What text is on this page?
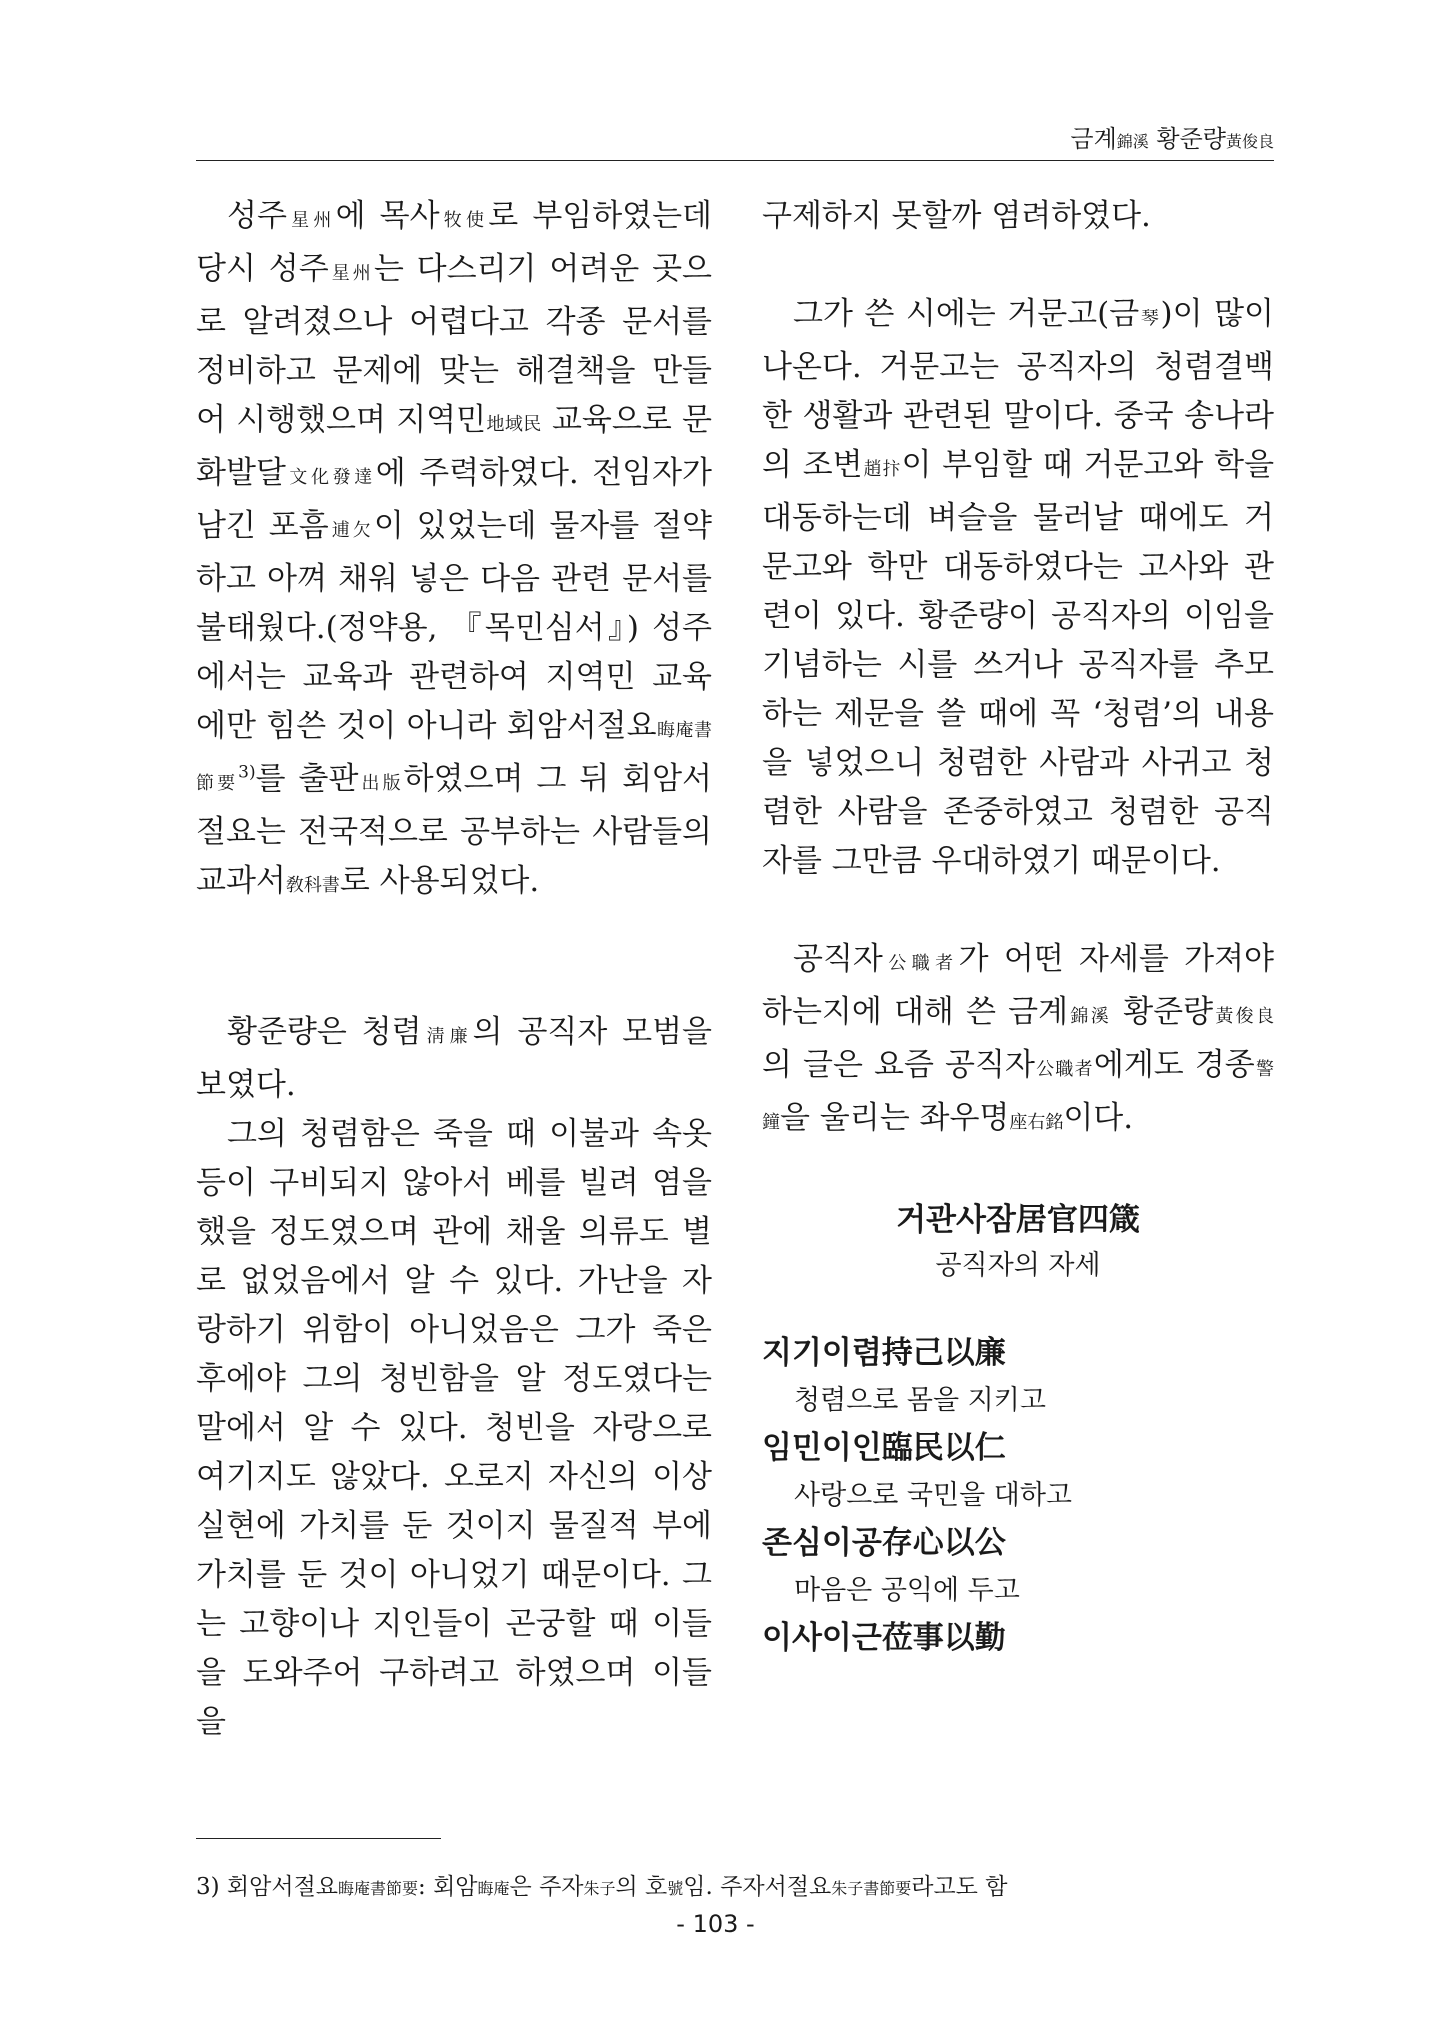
금계錦溪 황준량黃俊良

성주星州에 목사牧使로 부임하였는데 당시 성주星州는 다스리기 어려운 곳으로 알려졌으나 어렵다고 각종 문서를 정비하고 문제에 맞는 해결책을 만들어 시행했으며 지역민地域民 교육으로 문화발달文化發達에 주력하였다. 전임자가 남긴 포흠逋欠이 있었는데 물자를 절약하고 아껴 채워 넣은 다음 관련 문서를 불태웠다.(정약용, 『목민심서』) 성주에서는 교육과 관련하여 지역민 교육에만 힘쓴 것이 아니라 회암서절요晦庵書節要$^{3)}$를 출판出版하였으며 그 뒤 회암서절요는 전국적으로 공부하는 사람들의 교과서敎科書로 사용되었다.

황준량은 청렴淸廉의 공직자 모범을 보였다.

그의 청렴함은 죽을 때 이불과 속옷 등이 구비되지 않아서 베를 빌려 염을 했을 정도였으며 관에 채울 의류도 별로 없었음에서 알 수 있다. 가난을 자랑하기 위함이 아니었음은 그가 죽은 후에야 그의 청빈함을 알 정도였다는 말에서 알 수 있다. 청빈을 자랑으로 여기지도 않았다. 오로지 자신의 이상 실현에 가치를 둔 것이지 물질적 부에 가치를 둔 것이 아니었기 때문이다. 그는 고향이나 지인들이 곤궁할 때 이들을 도와주어 구하려고 하였으며 이들을

구제하지 못할까 염려하였다.

그가 쓴 시에는 거문고(금琴)이 많이 나온다. 거문고는 공직자의 청렴결백한 생활과 관련된 말이다. 중국 송나라의 조변趙抃이 부임할 때 거문고와 학을 대동하는데 벼슬을 물러날 때에도 거문고와 학만 대동하였다는 고사와 관련이 있다. 황준량이 공직자의 이임을 기념하는 시를 쓰거나 공직자를 추모하는 제문을 쓸 때에 꼭 ‘청렴’의 내용을 넣었으니 청렴한 사람과 사귀고 청렴한 사람을 존중하였고 청렴한 공직자를 그만큼 우대하였기 때문이다.

공직자公職者가 어떤 자세를 가져야 하는지에 대해 쓴 금계錦溪 황준량黃俊良의 글은 요즘 공직자公職者에게도 경종警鐘을 울리는 좌우명座右銘이다.

거관사잠居官四箴

공직자의 자세

지기이렴持己以廉

청렴으로 몸을 지키고

임민이인臨民以仁

사랑으로 국민을 대하고

존심이공存心以公

마음은 공익에 두고

이사이근莅事以勤

3) 회암서절요晦庵書節要: 회암晦庵은 주자朱子의 호號임. 주자서절요朱子書節要라고도 함

- 103 -
